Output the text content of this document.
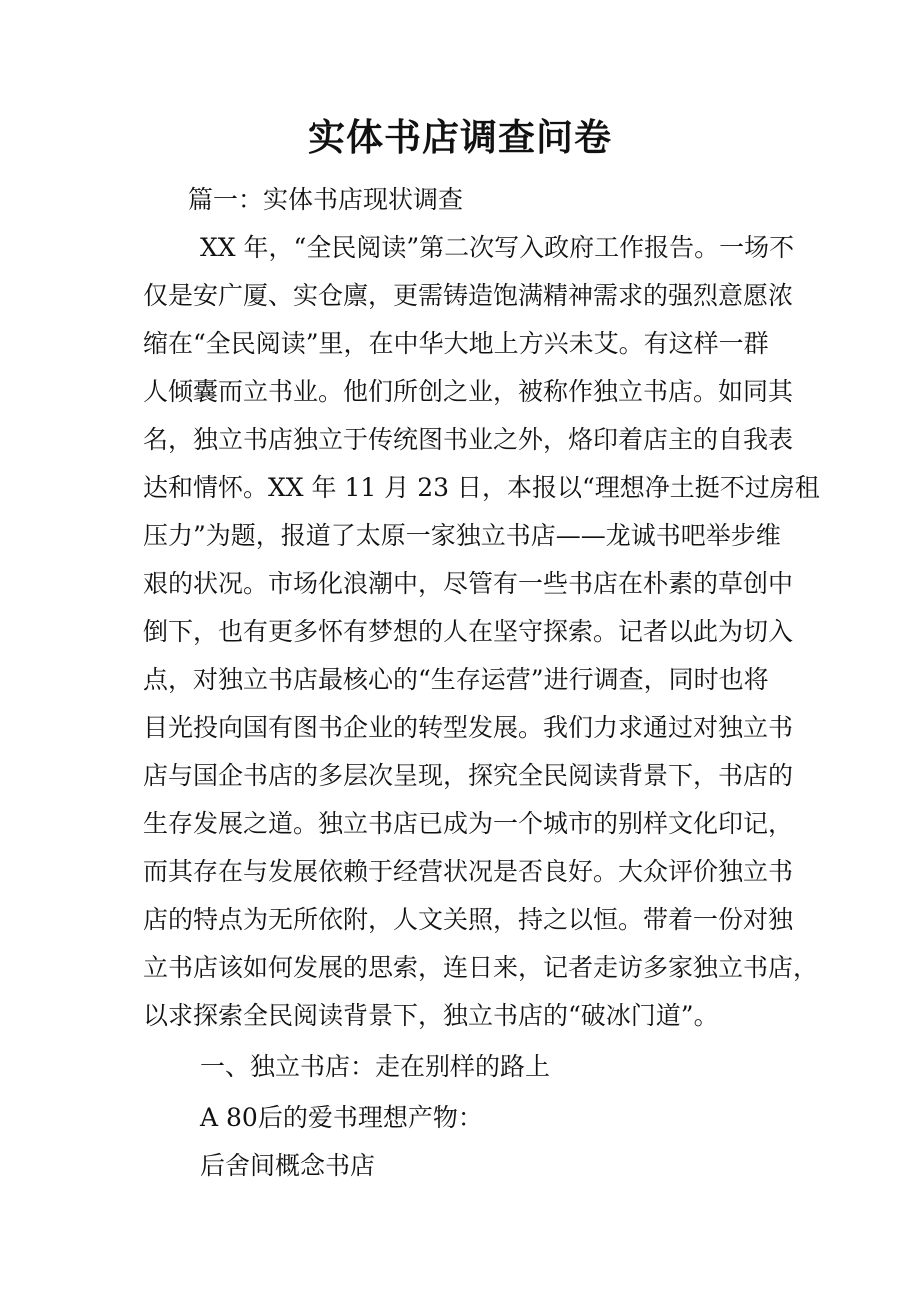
实体书店调查问卷
篇一：实体书店现状调查
XX 年，“全民阅读”第二次写入政府工作报告。一场不
仅是安广厦、实仓廪，更需铸造饱满精神需求的强烈意愿浓
缩在“全民阅读”里，在中华大地上方兴未艾。有这样一群
人倾囊而立书业。他们所创之业，被称作独立书店。如同其
名，独立书店独立于传统图书业之外，烙印着店主的自我表
达和情怀。XX 年 11 月 23 日，本报以“理想净土挺不过房租
压力”为题，报道了太原一家独立书店——龙诚书吧举步维
艰的状况。市场化浪潮中，尽管有一些书店在朴素的草创中
倒下，也有更多怀有梦想的人在坚守探索。记者以此为切入
点，对独立书店最核心的“生存运营”进行调查，同时也将
目光投向国有图书企业的转型发展。我们力求通过对独立书
店与国企书店的多层次呈现，探究全民阅读背景下，书店的
生存发展之道。独立书店已成为一个城市的别样文化印记，
而其存在与发展依赖于经营状况是否良好。大众评价独立书
店的特点为无所依附，人文关照，持之以恒。带着一份对独
立书店该如何发展的思索，连日来，记者走访多家独立书店，
以求探索全民阅读背景下，独立书店的“破冰门道”。
一、独立书店：走在别样的路上
A 80后的爱书理想产物：
后舍间概念书店
